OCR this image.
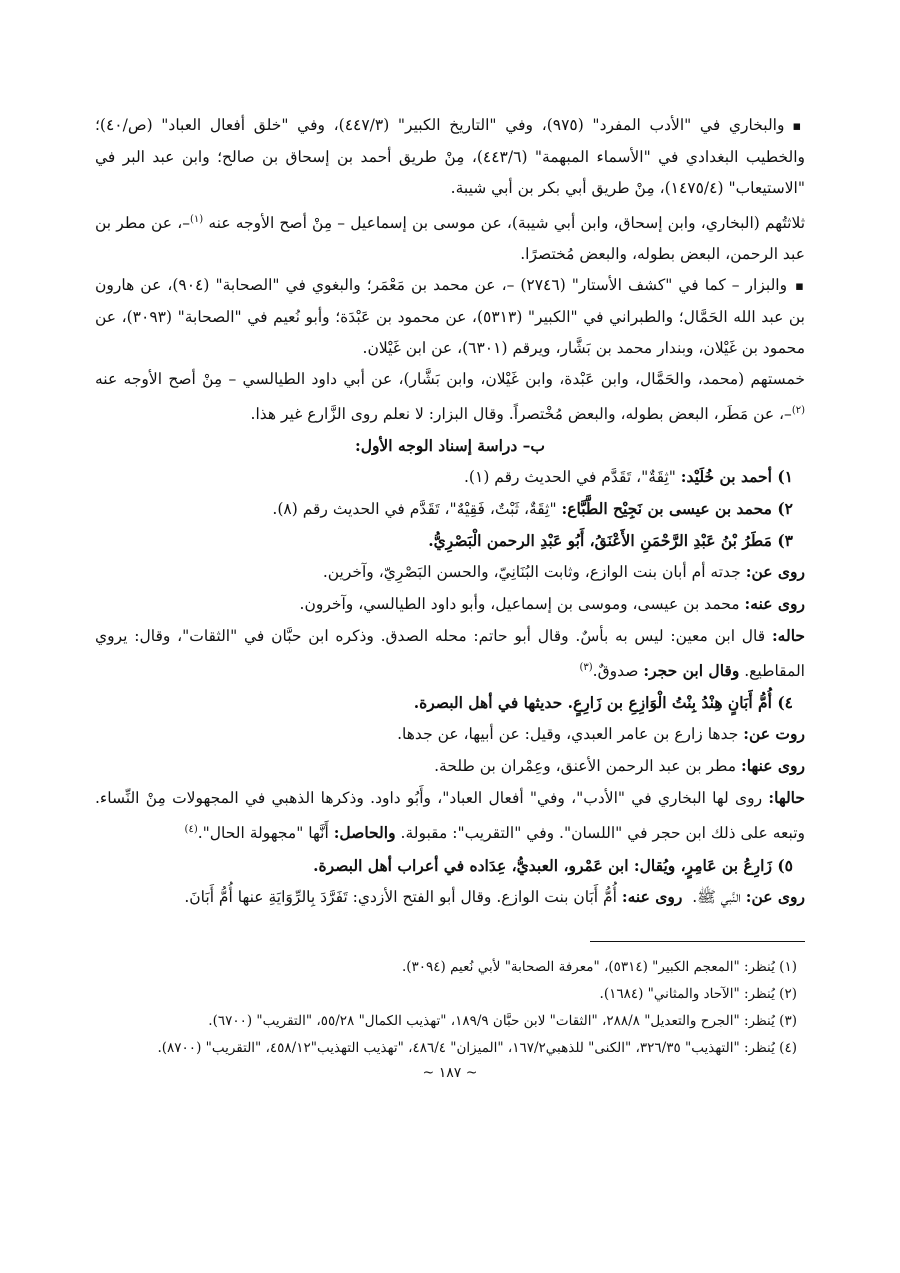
▪ والبخاري في "الأدب المفرد" (٩٧٥)، وفي "التاريخ الكبير" (٤٤٧/٣)، وفي "خلق أفعال العباد" (ص/٤٠)؛ والخطيب البغدادي في "الأسماء المبهمة" (٤٤٣/٦)، مِنْ طريق أحمد بن إسحاق بن صالح؛ وابن عبد البر في "الاستيعاب" (١٤٧٥/٤)، مِنْ طريق أبي بكر بن أبي شيبة.

ثلاثتُهم (البخاري، وابن إسحاق، وابن أبي شيبة)، عن موسى بن إسماعيل – مِنْ أصح الأوجه عنه $^{(١)}$–، عن مطر بن عبد الرحمن، البعض بطوله، والبعض مُختصرًا.

▪ والبزار – كما في "كشف الأستار" (٢٧٤٦) –، عن محمد بن مَعْمَر؛ والبغوي في "الصحابة" (٩٠٤)، عن هارون بن عبد الله الحَمَّال؛ والطبراني في "الكبير" (٥٣١٣)، عن محمود بن عَبْدَة؛ وأبو نُعيم في "الصحابة" (٣٠٩٣)، عن محمود بن غَيْلان، وبندار محمد بن بَشَّار، ويرقم (٦٣٠١)، عن ابن غَيْلان.

خمستهم (محمد، والحَمَّال، وابن عَبْدة، وابن غَيْلان، وابن بَشَّار)، عن أبي داود الطيالسي – مِنْ أصح الأوجه عنه $^{(٢)}$–، عن مَطَر، البعض بطوله، والبعض مُخْتصراً. وقال البزار: لا نعلم روى الزَّارع غير هذا.

ب– دراسة إسناد الوجه الأول:

١) أحمد بن خُلَيْد: "ثِقَةٌ"، تَقَدَّم في الحديث رقم (١).

٢) محمد بن عيسى بن نَجِيْح الطَّبَّاع: "ثِقَةٌ، ثَبْتٌ، فَقِيْهٌ"، تَقَدَّم في الحديث رقم (٨).

٣) مَطَرُ بْنُ عَبْدِ الرَّحْمَنِ الأَعْنَقُ، أَبُو عَبْدِ الرحمن الْبَصْرِيُّ.

روى عن: جدته أم أبان بنت الوازع، وثابت البُنَانِيّ، والحسن البَصْرِيّ، وآخرين.

روى عنه: محمد بن عيسى، وموسى بن إسماعيل، وأبو داود الطيالسي، وآخرون.

حاله: قال ابن معين: ليس به بأسٌ. وقال أبو حاتم: محله الصدق. وذكره ابن حبَّان في "الثقات"، وقال: يروي المقاطيع. وقال ابن حجر: صدوقٌ.$^{(٣)}$

٤) أُمُّ أَبَانٍ هِنْدُ بِنْتُ الْوَازِعِ بن زَارِعٍ. حديثها في أهل البصرة.

روت عن: جدها زارع بن عامر العبدي، وقيل: عن أبيها، عن جدها.

روى عنها: مطر بن عبد الرحمن الأعنق، وعِمْران بن طلحة.

حالها: روى لها البخاري في "الأدب"، وفي" أفعال العباد"، وأَبُو داود. وذكرها الذهبي في المجهولات مِنْ النِّساء. وتبعه على ذلك ابن حجر في "اللسان". وفي "التقريب": مقبولة. والحاصل: أَنَّها "مجهولة الحال".$^{(٤)}$

٥) زَارِعُ بن عَامِرٍ، ويُقال: ابن عَمْرو، العبديُّ، عِدَاده في أعراب أهل البصرة.

روى عن: النَّبي ﷺ.  روى عنه: أُمُّ أَبَان بنت الوازع. وقال أبو الفتح الأزدي: تَفَرَّدَ بِالرِّوَايَةِ عنها أُمُّ أَبَانَ.

(١) يُنظر: "المعجم الكبير" (٥٣١٤)، "معرفة الصحابة" لأبي نُعيم (٣٠٩٤).

(٢) يُنظر: "الآحاد والمثاني" (١٦٨٤).

(٣) يُنظر: "الجرح والتعديل" ٢٨٨/٨، "الثقات" لابن حبَّان ١٨٩/٩، "تهذيب الكمال" ٥٥/٢٨، "التقريب" (٦٧٠٠).

(٤) يُنظر: "التهذيب" ٣٢٦/٣٥، "الكنى" للذهبي١٦٧/٢، "الميزان" ٤٨٦/٤، "تهذيب التهذيب"٤٥٨/١٢، "التقريب" (٨٧٠٠).

~ ١٨٧ ~
